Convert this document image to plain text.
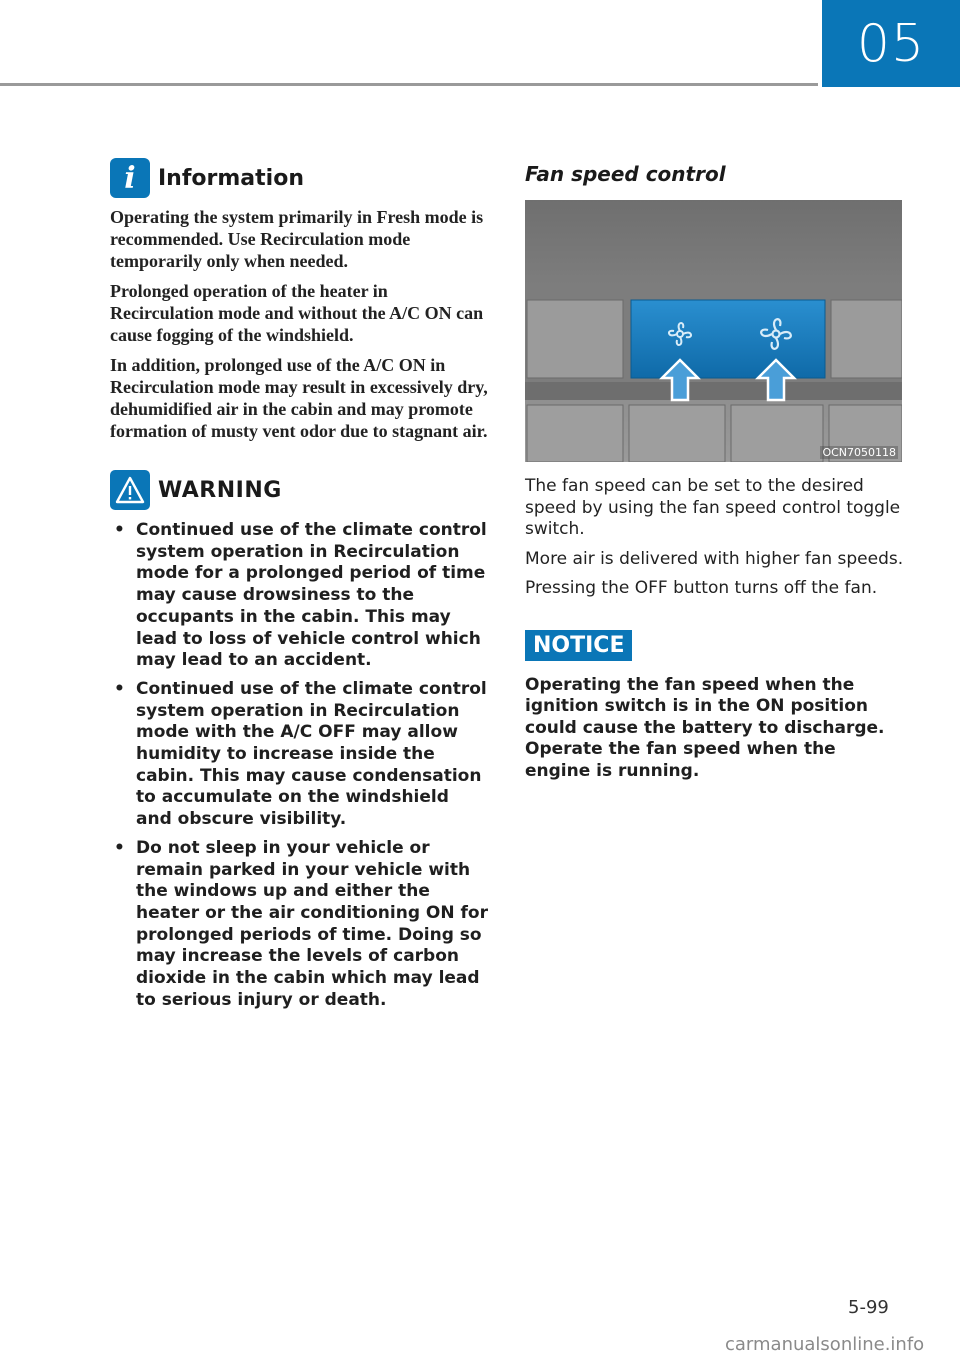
05
i	Information

Operating the system primarily in Fresh mode is recommended. Use Recirculation mode temporarily only when needed.

Prolonged operation of the heater in Recirculation mode and without the A/C ON can cause fogging of the windshield.

In addition, prolonged use of the A/C ON in Recirculation mode may result in excessively dry, dehumidified air in the cabin and may promote formation of musty vent odor due to stagnant air.

WARNING
• Continued use of the climate control system operation in Recirculation mode for a prolonged period of time may cause drowsiness to the occupants in the cabin. This may lead to loss of vehicle control which may lead to an accident.
• Continued use of the climate control system operation in Recirculation mode with the A/C OFF may allow humidity to increase inside the cabin. This may cause condensation to accumulate on the windshield and obscure visibility.
• Do not sleep in your vehicle or remain parked in your vehicle with the windows up and either the heater or the air conditioning ON for prolonged periods of time. Doing so may increase the levels of carbon dioxide in the cabin which may lead to serious injury or death.
Fan speed control
OCN7050118

The fan speed can be set to the desired speed by using the fan speed control toggle switch.

More air is delivered with higher fan speeds.

Pressing the OFF button turns off the fan.

NOTICE

Operating the fan speed when the ignition switch is in the ON position could cause the battery to discharge. Operate the fan speed when the engine is running.

5-99
carmanualsonline.info
